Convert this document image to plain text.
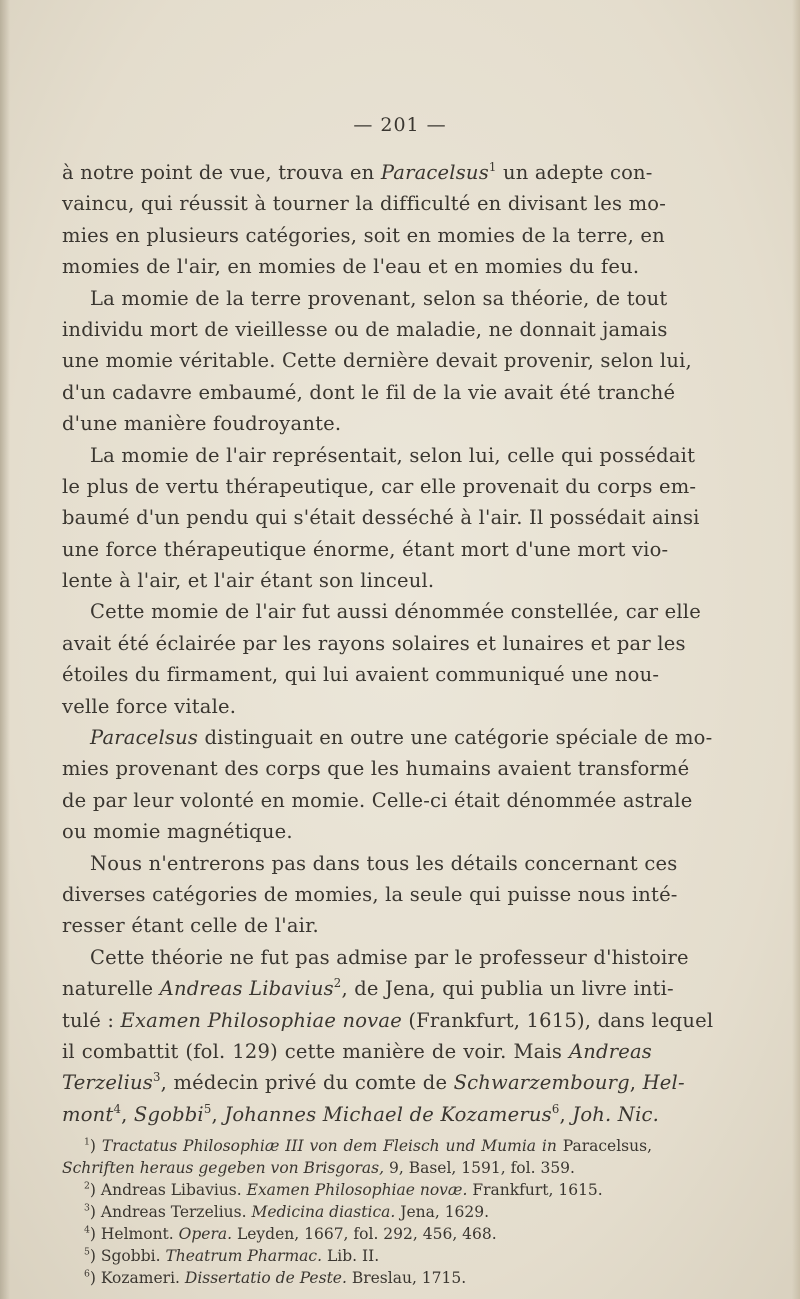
— 201 —
à notre point de vue, trouva en Paracelsus$^1$ un adepte con-
vaincu, qui réussit à tourner la difficulté en divisant les mo-
mies en plusieurs catégories, soit en momies de la terre, en
momies de l'air, en momies de l'eau et en momies du feu.
La momie de la terre provenant, selon sa théorie, de tout
individu mort de vieillesse ou de maladie, ne donnait jamais
une momie véritable. Cette dernière devait provenir, selon lui,
d'un cadavre embaumé, dont le fil de la vie avait été tranché
d'une manière foudroyante.
La momie de l'air représentait, selon lui, celle qui possédait
le plus de vertu thérapeutique, car elle provenait du corps em-
baumé d'un pendu qui s'était desséché à l'air. Il possédait ainsi
une force thérapeutique énorme, étant mort d'une mort vio-
lente à l'air, et l'air étant son linceul.
Cette momie de l'air fut aussi dénommée constellée, car elle
avait été éclairée par les rayons solaires et lunaires et par les
étoiles du firmament, qui lui avaient communiqué une nou-
velle force vitale.
Paracelsus distinguait en outre une catégorie spéciale de mo-
mies provenant des corps que les humains avaient transformé
de par leur volonté en momie. Celle-ci était dénommée astrale
ou momie magnétique.
Nous n'entrerons pas dans tous les détails concernant ces
diverses catégories de momies, la seule qui puisse nous inté-
resser étant celle de l'air.
Cette théorie ne fut pas admise par le professeur d'histoire
naturelle Andreas Libavius$^2$, de Jena, qui publia un livre inti-
tulé : Examen Philosophiae novae (Frankfurt, 1615), dans lequel
il combattit (fol. 129) cette manière de voir. Mais Andreas
Terzelius$^3$, médecin privé du comte de Schwarzembourg, Hel-
mont$^4$, Sgobbi$^5$, Johannes Michael de Kozamerus$^6$, Joh. Nic.
$^1$) Tractatus Philosophiæ III von dem Fleisch und Mumia in Paracelsus,
Schriften heraus gegeben von Brisgoras, 9, Basel, 1591, fol. 359.
$^2$) Andreas Libavius. Examen Philosophiae novæ. Frankfurt, 1615.
$^3$) Andreas Terzelius. Medicina diastica. Jena, 1629.
$^4$) Helmont. Opera. Leyden, 1667, fol. 292, 456, 468.
$^5$) Sgobbi. Theatrum Pharmac. Lib. II.
$^6$) Kozameri. Dissertatio de Peste. Breslau, 1715.
